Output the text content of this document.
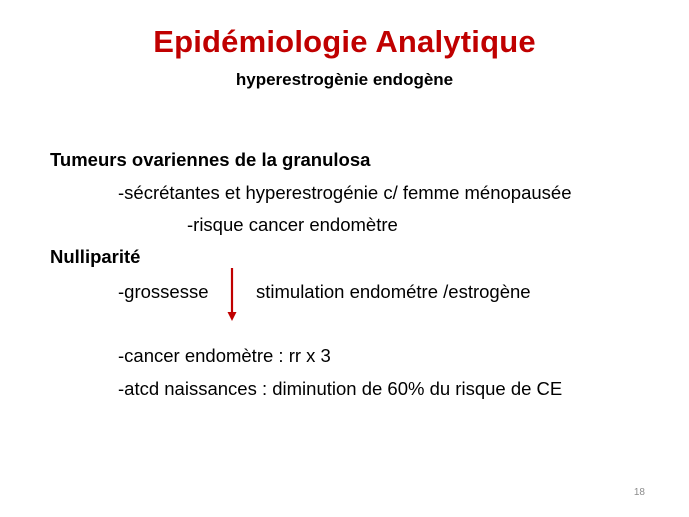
Epidémiologie Analytique
hyperestrogènie endogène
Tumeurs ovariennes de la granulosa
-sécrétantes et hyperestrogénie c/ femme ménopausée
-risque cancer endomètre
Nulliparité
-grossesse	stimulation endométre /estrogène
-cancer endomètre : rr x 3
-atcd naissances : diminution de 60% du risque de CE
18
